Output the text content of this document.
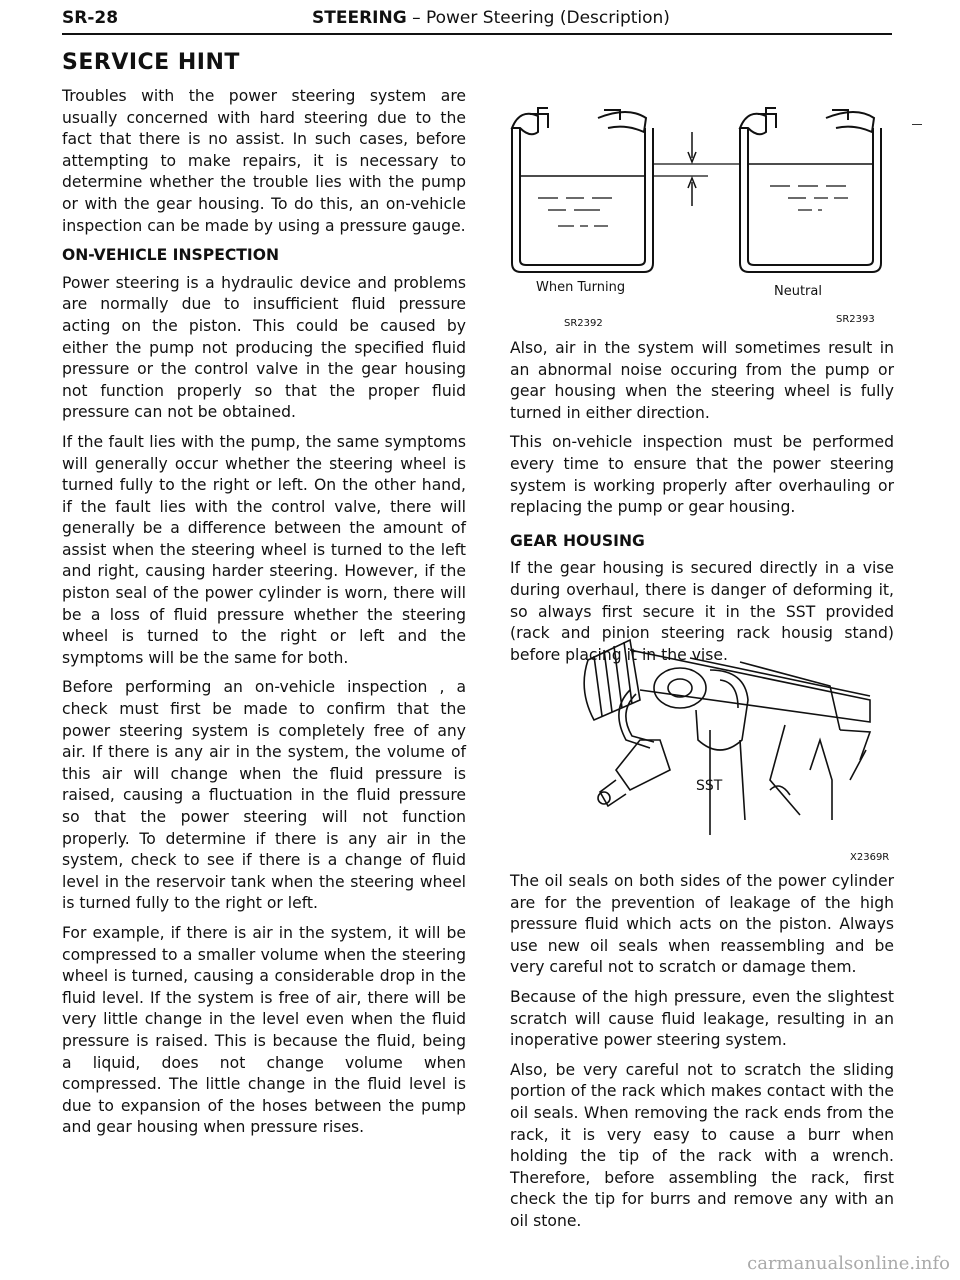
SR-28	STEERING – Power Steering (Description)
SERVICE HINT

Troubles with the power steering system are usually concerned with hard steering due to the fact that there is no assist. In such cases, before attempting to make repairs, it is necessary to determine whether the trouble lies with the pump or with the gear housing. To do this, an on-vehicle inspection can be made by using a pressure gauge.

ON-VEHICLE INSPECTION

Power steering is a hydraulic device and problems are normally due to insufficient fluid pressure acting on the piston. This could be caused by either the pump not producing the specified fluid pressure or the control valve in the gear housing not function properly so that the proper fluid pressure can not be obtained.

If the fault lies with the pump, the same symptoms will generally occur whether the steering wheel is turned fully to the right or left. On the other hand, if the fault lies with the control valve, there will generally be a difference between the amount of assist when the steering wheel is turned to the left and right, causing harder steering. However, if the piston seal of the power cylinder is worn, there will be a loss of fluid pressure whether the steering wheel is turned to the right or left and the symptoms will be the same for both.

Before performing an on-vehicle inspection , a check must first be made to confirm that the power steering system is completely free of any air. If there is any air in the system, the volume of this air will change when the fluid pressure is raised, causing a fluctuation in the fluid pressure so that the power steering will not function properly. To determine if there is any air in the system, check to see if there is a change of fluid level in the reservoir tank when the steering wheel is turned fully to the right or left.

For example, if there is air in the system, it will be compressed to a smaller volume when the steering wheel is turned, causing a considerable drop in the fluid level. If the system is free of air, there will be very little change in the level even when the fluid pressure is raised. This is because the fluid, being a liquid, does not change volume when compressed. The little change in the fluid level is due to expansion of the hoses between the pump and gear housing when pressure rises.

When Turning	Neutral
SR2392	SR2393

Also, air in the system will sometimes result in an abnormal noise occuring from the pump or gear housing when the steering wheel is fully turned in either direction.

This on-vehicle inspection must be performed every time to ensure that the power steering system is working properly after overhauling or replacing the pump or gear housing.

GEAR HOUSING

If the gear housing is secured directly in a vise during overhaul, there is danger of deforming it, so always first secure it in the SST provided (rack and pinion steering rack housig stand) before placing it in the vise.

SST
X2369R

The oil seals on both sides of the power cylinder are for the prevention of leakage of the high pressure fluid which acts on the piston. Always use new oil seals when reassembling and be very careful not to scratch or damage them.

Because of the high pressure, even the slightest scratch will cause fluid leakage, resulting in an inoperative power steering system.

Also, be very careful not to scratch the sliding portion of the rack which makes contact with the oil seals. When removing the rack ends from the rack, it is very easy to cause a burr when holding the tip of the rack with a wrench. Therefore, before assembling the rack, first check the tip for burrs and remove any with an oil stone.

carmanualsonline.info
